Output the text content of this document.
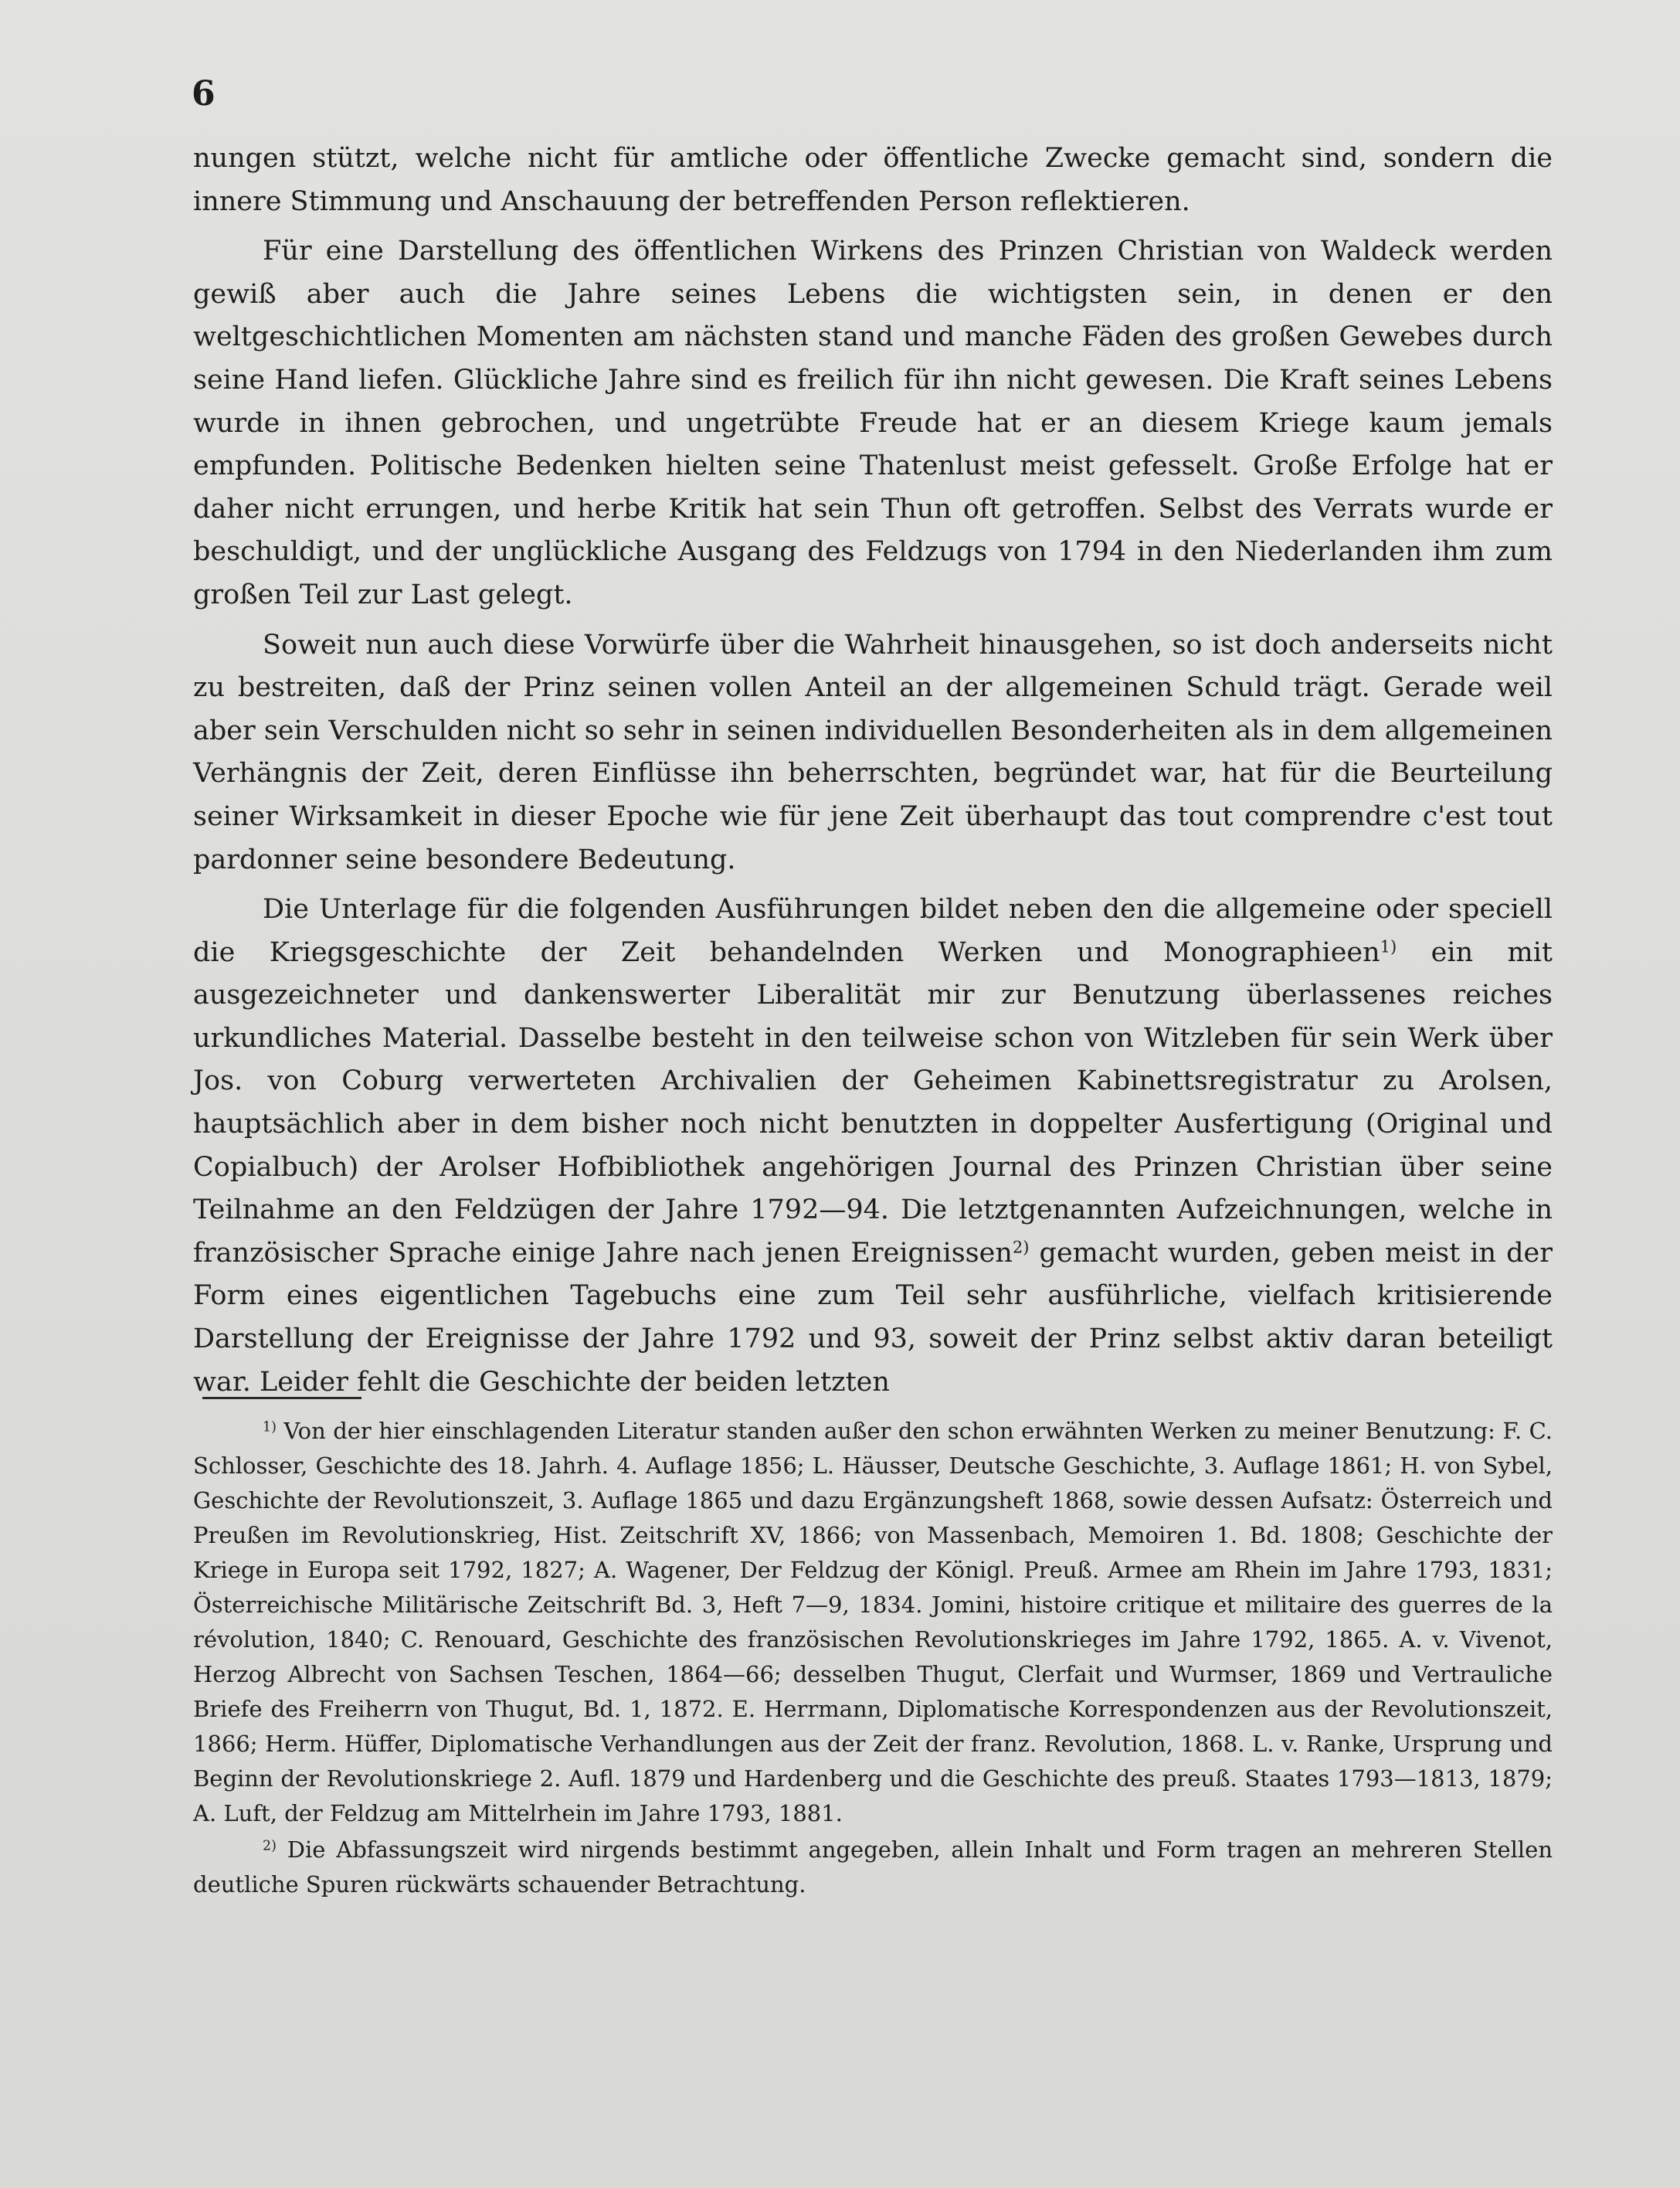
6

nungen stützt, welche nicht für amtliche oder öffentliche Zwecke gemacht sind, sondern die innere Stimmung und Anschauung der betreffenden Person reflektieren.

Für eine Darstellung des öffentlichen Wirkens des Prinzen Christian von Waldeck werden gewiß aber auch die Jahre seines Lebens die wichtigsten sein, in denen er den weltgeschichtlichen Momenten am nächsten stand und manche Fäden des großen Gewebes durch seine Hand liefen. Glückliche Jahre sind es freilich für ihn nicht gewesen. Die Kraft seines Lebens wurde in ihnen gebrochen, und ungetrübte Freude hat er an diesem Kriege kaum jemals empfunden. Politische Bedenken hielten seine Thatenlust meist gefesselt. Große Erfolge hat er daher nicht errungen, und herbe Kritik hat sein Thun oft getroffen. Selbst des Verrats wurde er beschuldigt, und der unglückliche Ausgang des Feldzugs von 1794 in den Niederlanden ihm zum großen Teil zur Last gelegt.

Soweit nun auch diese Vorwürfe über die Wahrheit hinausgehen, so ist doch anderseits nicht zu bestreiten, daß der Prinz seinen vollen Anteil an der allgemeinen Schuld trägt. Gerade weil aber sein Verschulden nicht so sehr in seinen individuellen Besonderheiten als in dem allgemeinen Verhängnis der Zeit, deren Einflüsse ihn beherrschten, begründet war, hat für die Beurteilung seiner Wirksamkeit in dieser Epoche wie für jene Zeit überhaupt das tout comprendre c'est tout pardonner seine besondere Bedeutung.

Die Unterlage für die folgenden Ausführungen bildet neben den die allgemeine oder speciell die Kriegsgeschichte der Zeit behandelnden Werken und Monographieen$^{1)}$ ein mit ausgezeichneter und dankenswerter Liberalität mir zur Benutzung überlassenes reiches urkundliches Material. Dasselbe besteht in den teilweise schon von Witzleben für sein Werk über Jos. von Coburg verwerteten Archivalien der Geheimen Kabinettsregistratur zu Arolsen, hauptsächlich aber in dem bisher noch nicht benutzten in doppelter Ausfertigung (Original und Copialbuch) der Arolser Hofbibliothek angehörigen Journal des Prinzen Christian über seine Teilnahme an den Feldzügen der Jahre 1792—94. Die letztgenannten Aufzeichnungen, welche in französischer Sprache einige Jahre nach jenen Ereignissen$^{2)}$ gemacht wurden, geben meist in der Form eines eigentlichen Tagebuchs eine zum Teil sehr ausführliche, vielfach kritisierende Darstellung der Ereignisse der Jahre 1792 und 93, soweit der Prinz selbst aktiv daran beteiligt war. Leider fehlt die Geschichte der beiden letzten

$^{1)}$ Von der hier einschlagenden Literatur standen außer den schon erwähnten Werken zu meiner Benutzung: F. C. Schlosser, Geschichte des 18. Jahrh. 4. Auflage 1856; L. Häusser, Deutsche Geschichte, 3. Auflage 1861; H. von Sybel, Geschichte der Revolutionszeit, 3. Auflage 1865 und dazu Ergänzungsheft 1868, sowie dessen Aufsatz: Österreich und Preußen im Revolutionskrieg, Hist. Zeitschrift XV, 1866; von Massenbach, Memoiren 1. Bd. 1808; Geschichte der Kriege in Europa seit 1792, 1827; A. Wagener, Der Feldzug der Königl. Preuß. Armee am Rhein im Jahre 1793, 1831; Österreichische Militärische Zeitschrift Bd. 3, Heft 7—9, 1834. Jomini, histoire critique et militaire des guerres de la révolution, 1840; C. Renouard, Geschichte des französischen Revolutionskrieges im Jahre 1792, 1865. A. v. Vivenot, Herzog Albrecht von Sachsen Teschen, 1864—66; desselben Thugut, Clerfait und Wurmser, 1869 und Vertrauliche Briefe des Freiherrn von Thugut, Bd. 1, 1872. E. Herrmann, Diplomatische Korrespondenzen aus der Revolutionszeit, 1866; Herm. Hüffer, Diplomatische Verhandlungen aus der Zeit der franz. Revolution, 1868. L. v. Ranke, Ursprung und Beginn der Revolutionskriege 2. Aufl. 1879 und Hardenberg und die Geschichte des preuß. Staates 1793—1813, 1879; A. Luft, der Feldzug am Mittelrhein im Jahre 1793, 1881.

$^{2)}$ Die Abfassungszeit wird nirgends bestimmt angegeben, allein Inhalt und Form tragen an mehreren Stellen deutliche Spuren rückwärts schauender Betrachtung.
